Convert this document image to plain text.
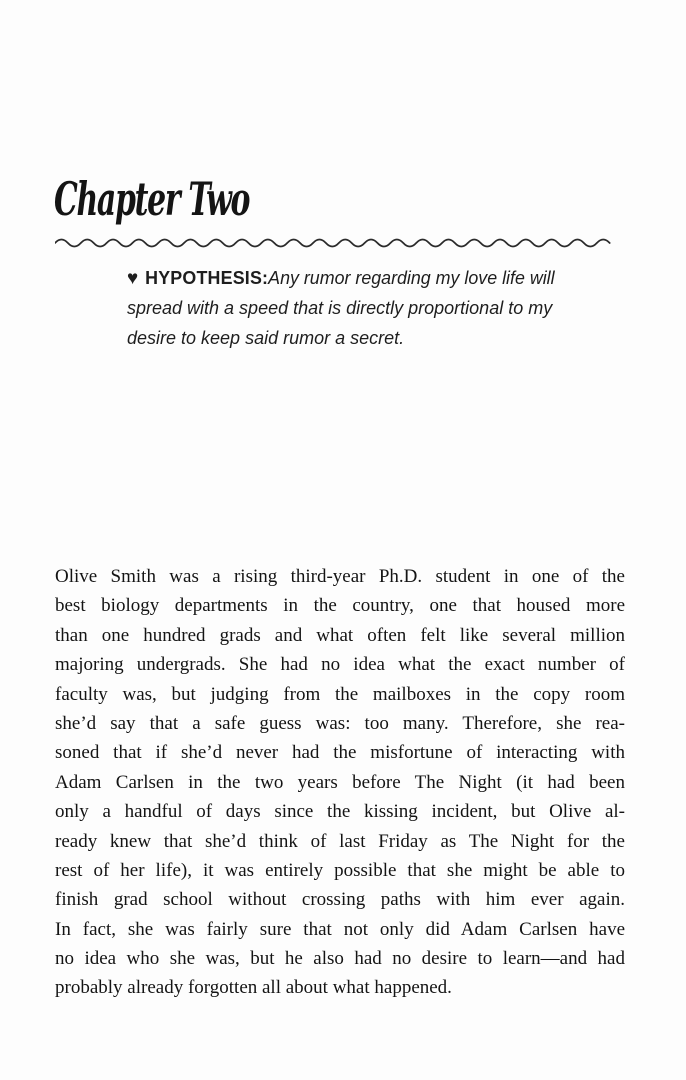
Chapter Two
♥ HYPOTHESIS:Any rumor regarding my love life will
spread with a speed that is directly proportional to my
desire to keep said rumor a secret.
Olive Smith was a rising third-year Ph.D. student in one of the
best biology departments in the country, one that housed more
than one hundred grads and what often felt like several million
majoring undergrads. She had no idea what the exact number of
faculty was, but judging from the mailboxes in the copy room
she’d say that a safe guess was: too many. Therefore, she rea-
soned that if she’d never had the misfortune of interacting with
Adam Carlsen in the two years before The Night (it had been
only a handful of days since the kissing incident, but Olive al-
ready knew that she’d think of last Friday as The Night for the
rest of her life), it was entirely possible that she might be able to
finish grad school without crossing paths with him ever again.
In fact, she was fairly sure that not only did Adam Carlsen have
no idea who she was, but he also had no desire to learn—and had
probably already forgotten all about what happened.
